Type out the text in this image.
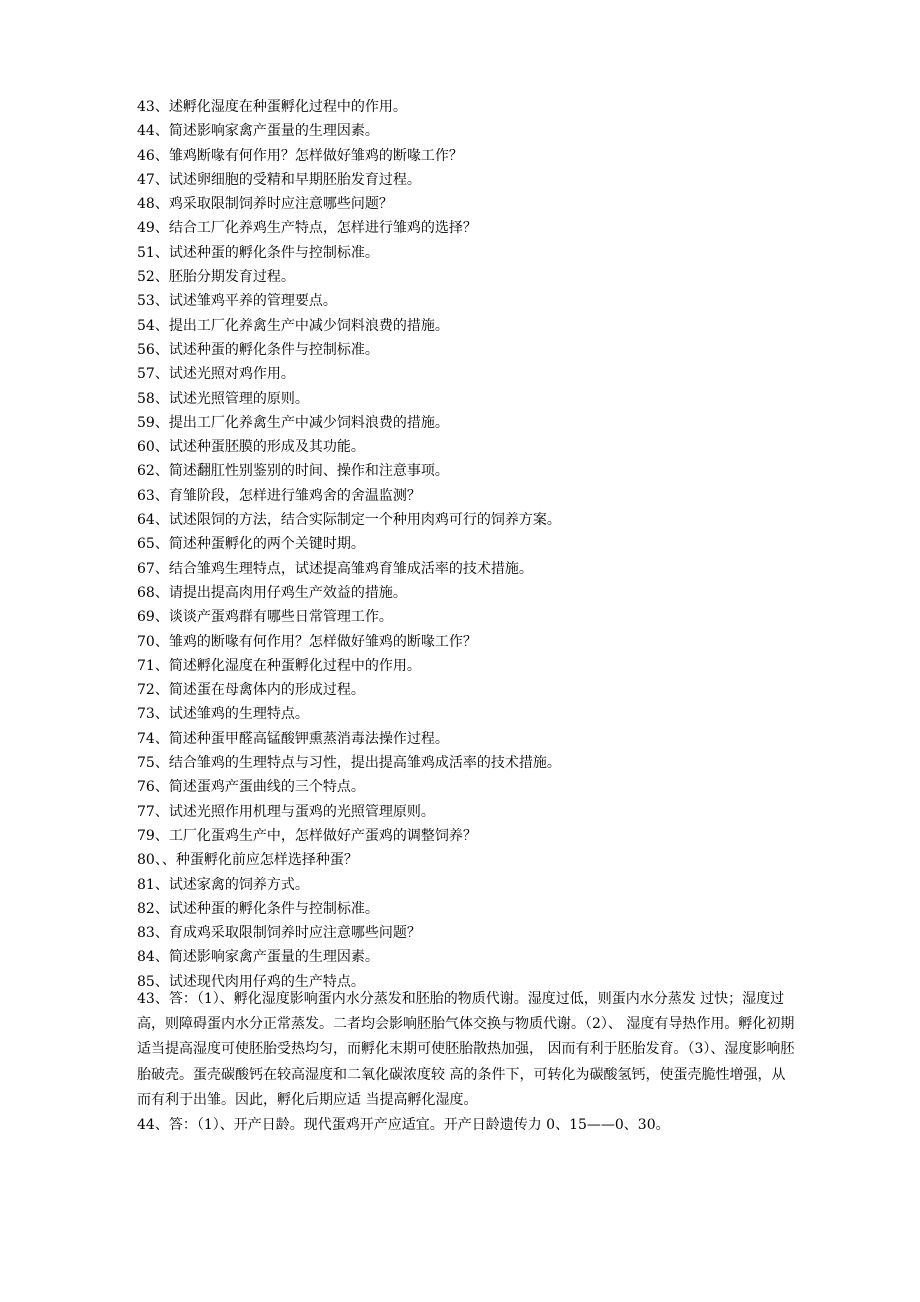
43、述孵化湿度在种蛋孵化过程中的作用。
44、简述影响家禽产蛋量的生理因素。
46、雏鸡断喙有何作用？怎样做好雏鸡的断喙工作？
47、试述卵细胞的受精和早期胚胎发育过程。
48、鸡采取限制饲养时应注意哪些问题？
49、结合工厂化养鸡生产特点，怎样进行雏鸡的选择？
51、试述种蛋的孵化条件与控制标准。
52、胚胎分期发育过程。
53、试述雏鸡平养的管理要点。
54、提出工厂化养禽生产中减少饲料浪费的措施。
56、试述种蛋的孵化条件与控制标准。
57、试述光照对鸡作用。
58、试述光照管理的原则。
59、提出工厂化养禽生产中减少饲料浪费的措施。
60、试述种蛋胚膜的形成及其功能。
62、简述翻肛性别鉴别的时间、操作和注意事项。
63、育雏阶段，怎样进行雏鸡舍的舍温监测？
64、试述限饲的方法，结合实际制定一个种用肉鸡可行的饲养方案。
65、简述种蛋孵化的两个关键时期。
67、结合雏鸡生理特点，试述提高雏鸡育雏成活率的技术措施。
68、请提出提高肉用仔鸡生产效益的措施。
69、谈谈产蛋鸡群有哪些日常管理工作。
70、雏鸡的断喙有何作用？怎样做好雏鸡的断喙工作？
71、简述孵化湿度在种蛋孵化过程中的作用。
72、简述蛋在母禽体内的形成过程。
73、试述雏鸡的生理特点。
74、简述种蛋甲醛高锰酸钾熏蒸消毒法操作过程。
75、结合雏鸡的生理特点与习性，提出提高雏鸡成活率的技术措施。
76、简述蛋鸡产蛋曲线的三个特点。
77、试述光照作用机理与蛋鸡的光照管理原则。
79、工厂化蛋鸡生产中，怎样做好产蛋鸡的调整饲养？
80、、种蛋孵化前应怎样选择种蛋？
81、试述家禽的饲养方式。
82、试述种蛋的孵化条件与控制标准。
83、育成鸡采取限制饲养时应注意哪些问题？
84、简述影响家禽产蛋量的生理因素。
85、试述现代肉用仔鸡的生产特点。
43、答：（1）、孵化湿度影响蛋内水分蒸发和胚胎的物质代谢。湿度过低，则蛋内水分蒸发 过快；湿度过高，则障碍蛋内水分正常蒸发。二者均会影响胚胎气体交换与物质代谢。（2）、 湿度有导热作用。孵化初期适当提高湿度可使胚胎受热均匀，而孵化末期可使胚胎散热加强， 因而有利于胚胎发育。（3）、湿度影响胚胎破壳。蛋壳碳酸钙在较高湿度和二氧化碳浓度较 高的条件下，可转化为碳酸氢钙，使蛋壳脆性增强，从而有利于出雏。因此，孵化后期应适 当提高孵化湿度。
44、答：（1）、开产日龄。现代蛋鸡开产应适宜。开产日龄遗传力 0、15——0、30。
